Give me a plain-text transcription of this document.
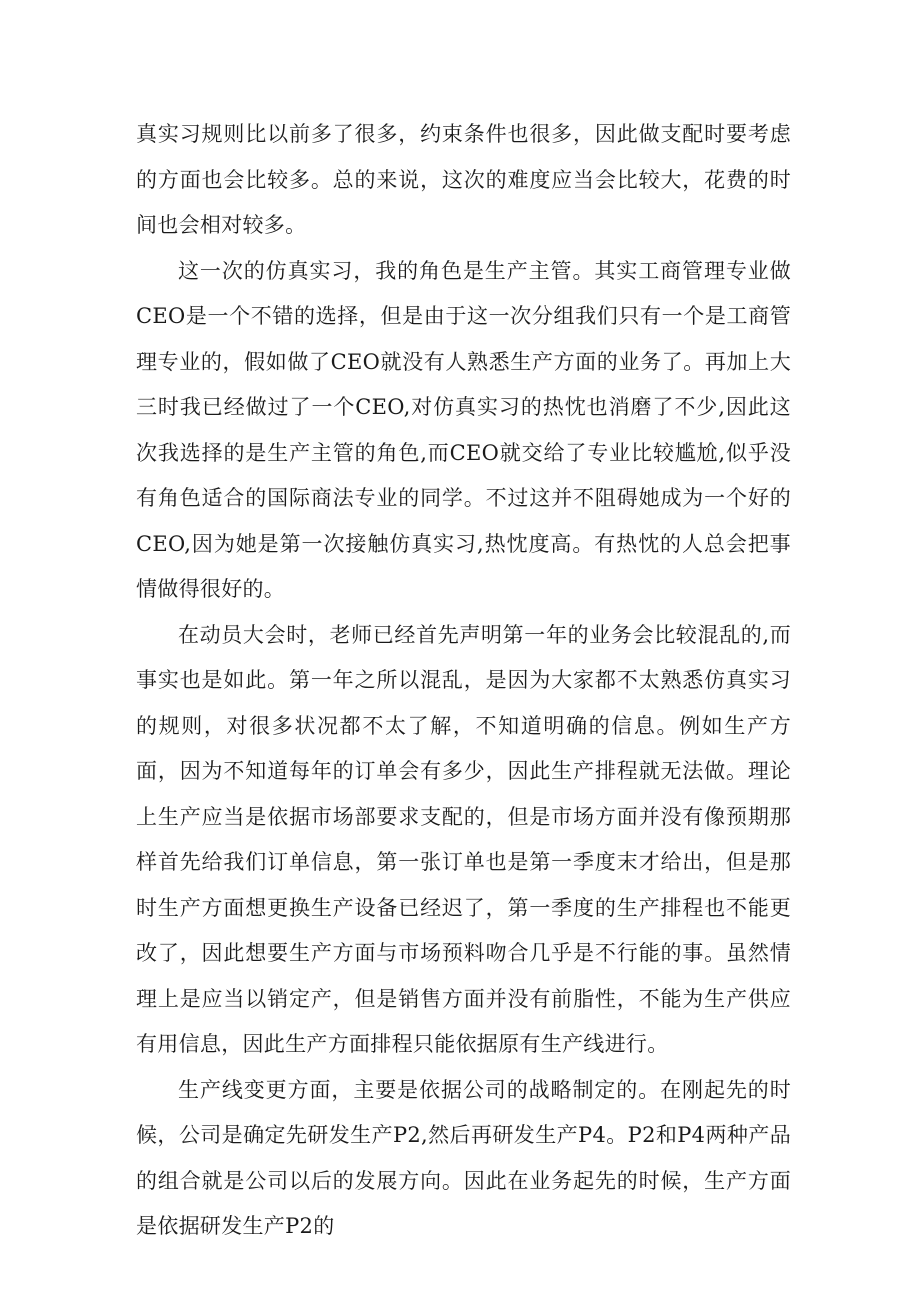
真实习规则比以前多了很多，约束条件也很多，因此做支配时要考虑的方面也会比较多。总的来说，这次的难度应当会比较大，花费的时间也会相对较多。

这一次的仿真实习，我的角色是生产主管。其实工商管理专业做CEO是一个不错的选择，但是由于这一次分组我们只有一个是工商管理专业的，假如做了CEO就没有人熟悉生产方面的业务了。再加上大三时我已经做过了一个CEO,对仿真实习的热忱也消磨了不少,因此这次我选择的是生产主管的角色,而CEO就交给了专业比较尴尬,似乎没有角色适合的国际商法专业的同学。不过这并不阻碍她成为一个好的CEO,因为她是第一次接触仿真实习,热忱度高。有热忱的人总会把事情做得很好的。

在动员大会时，老师已经首先声明第一年的业务会比较混乱的,而事实也是如此。第一年之所以混乱，是因为大家都不太熟悉仿真实习的规则，对很多状况都不太了解，不知道明确的信息。例如生产方面，因为不知道每年的订单会有多少，因此生产排程就无法做。理论上生产应当是依据市场部要求支配的，但是市场方面并没有像预期那样首先给我们订单信息，第一张订单也是第一季度末才给出，但是那时生产方面想更换生产设备已经迟了，第一季度的生产排程也不能更改了，因此想要生产方面与市场预料吻合几乎是不行能的事。虽然情理上是应当以销定产，但是销售方面并没有前脂性，不能为生产供应有用信息，因此生产方面排程只能依据原有生产线进行。

生产线变更方面，主要是依据公司的战略制定的。在刚起先的时候，公司是确定先研发生产P2,然后再研发生产P4。P2和P4两种产品的组合就是公司以后的发展方向。因此在业务起先的时候，生产方面是依据研发生产P2的
